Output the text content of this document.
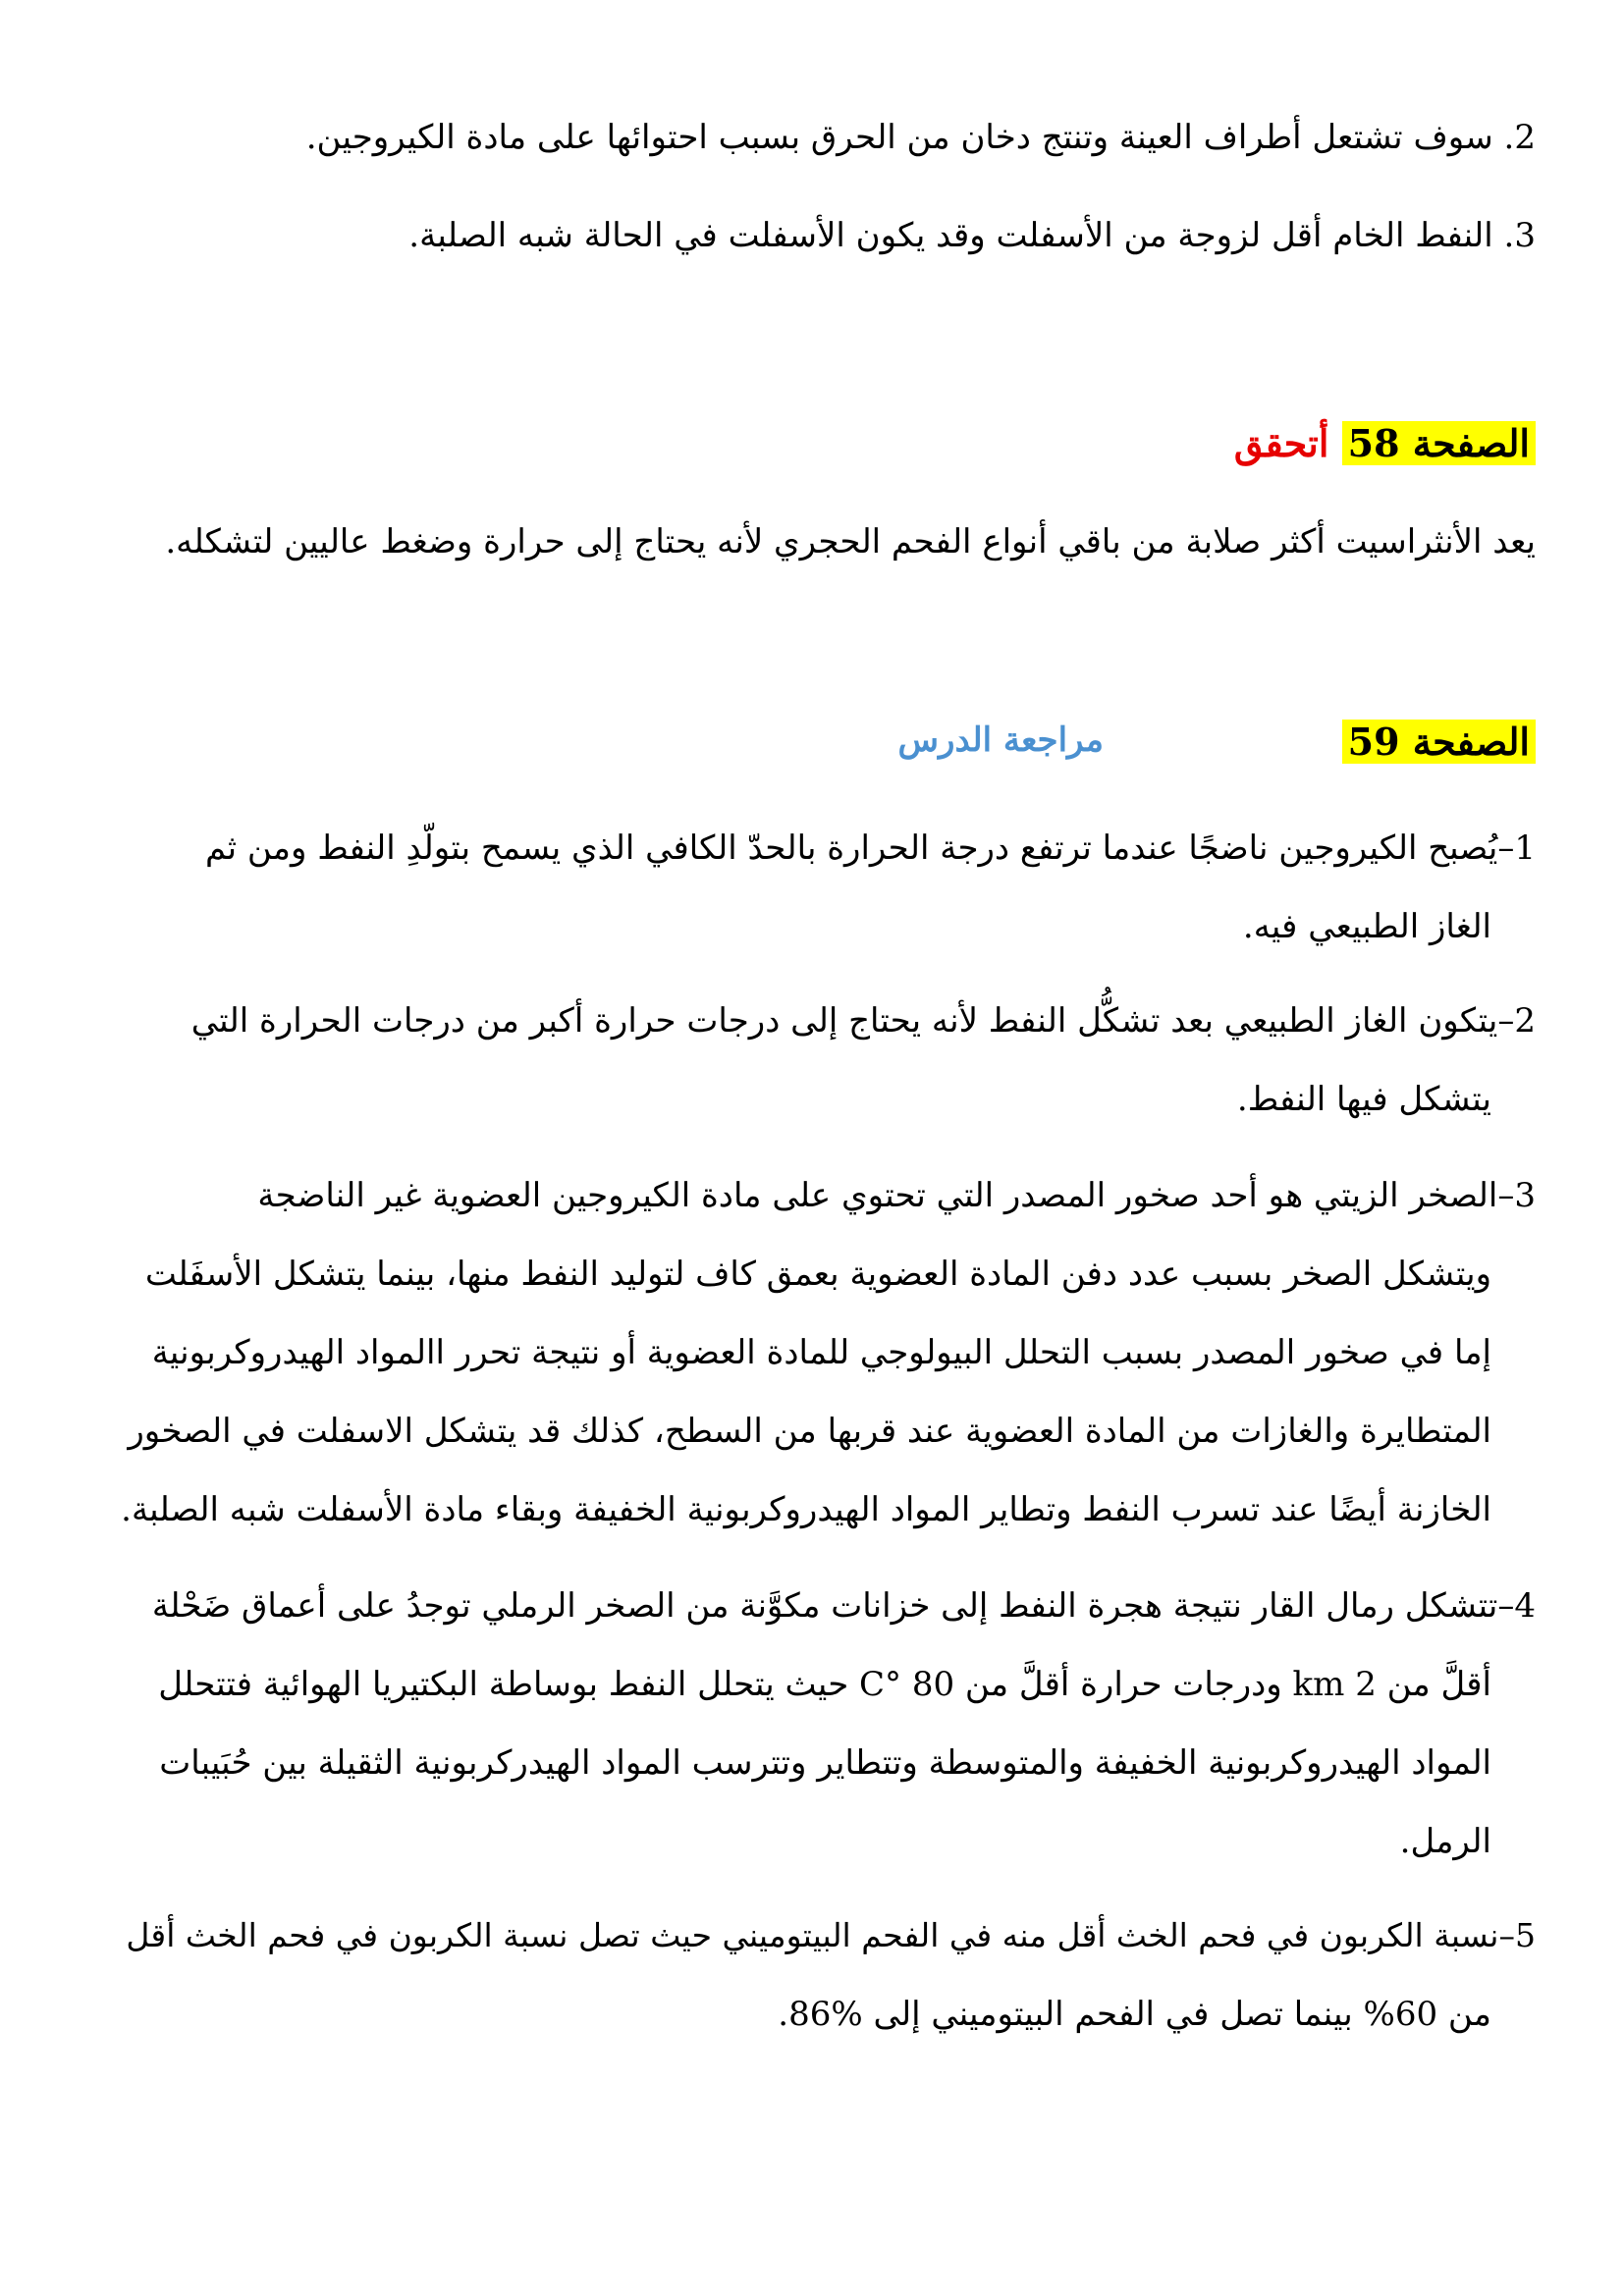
2. سوف تشتعل أطراف العينة وتنتج دخان من الحرق بسبب احتوائها على مادة الكيروجين.
3. النفط الخام أقل لزوجة من الأسفلت وقد يكون الأسفلت في الحالة شبه الصلبة.
الصفحة 58 أتحقق
يعد الأنثراسيت أكثر صلابة من باقي أنواع الفحم الحجري لأنه يحتاج إلى حرارة وضغط عاليين لتشكله.
الصفحة 59
مراجعة الدرس
1–يُصبح الكيروجين ناضجًا عندما ترتفع درجة الحرارة بالحدّ الكافي الذي يسمح بتولّدِ النفط ومن ثم
الغاز الطبيعي فيه.
2–يتكون الغاز الطبيعي بعد تشكُّل النفط لأنه يحتاج إلى درجات حرارة أكبر من درجات الحرارة التي
يتشكل فيها النفط.
3–الصخر الزيتي هو أحد صخور المصدر التي تحتوي على مادة الكيروجين العضوية غير الناضجة
ويتشكل الصخر بسبب عدد دفن المادة العضوية بعمق كاف لتوليد النفط منها، بينما يتشكل الأسفَلت
إما في صخور المصدر بسبب التحلل البيولوجي للمادة العضوية أو نتيجة تحرر االمواد الهيدروكربونية
المتطايرة والغازات من المادة العضوية عند قربها من السطح، كذلك قد يتشكل الاسفلت في الصخور
الخازنة أيضًا عند تسرب النفط وتطاير المواد الهيدروكربونية الخفيفة وبقاء مادة الأسفلت شبه الصلبة.
4–تتشكل رمال القار نتيجة هجرة النفط إلى خزانات مكوَّنة من الصخر الرملي توجدُ على أعماق ضَحْلة
أقلَّ من 2 km ودرجات حرارة أقلَّ من 80 °C حيث يتحلل النفط بوساطة البكتيريا الهوائية فتتحلل
المواد الهيدروكربونية الخفيفة والمتوسطة وتتطاير وتترسب المواد الهيدركربونية الثقيلة بين حُبَيبات
الرمل.
5–نسبة الكربون في فحم الخث أقل منه في الفحم البيتوميني حيث تصل نسبة الكربون في فحم الخث أقل
من 60% بينما تصل في الفحم البيتوميني إلى %86.
